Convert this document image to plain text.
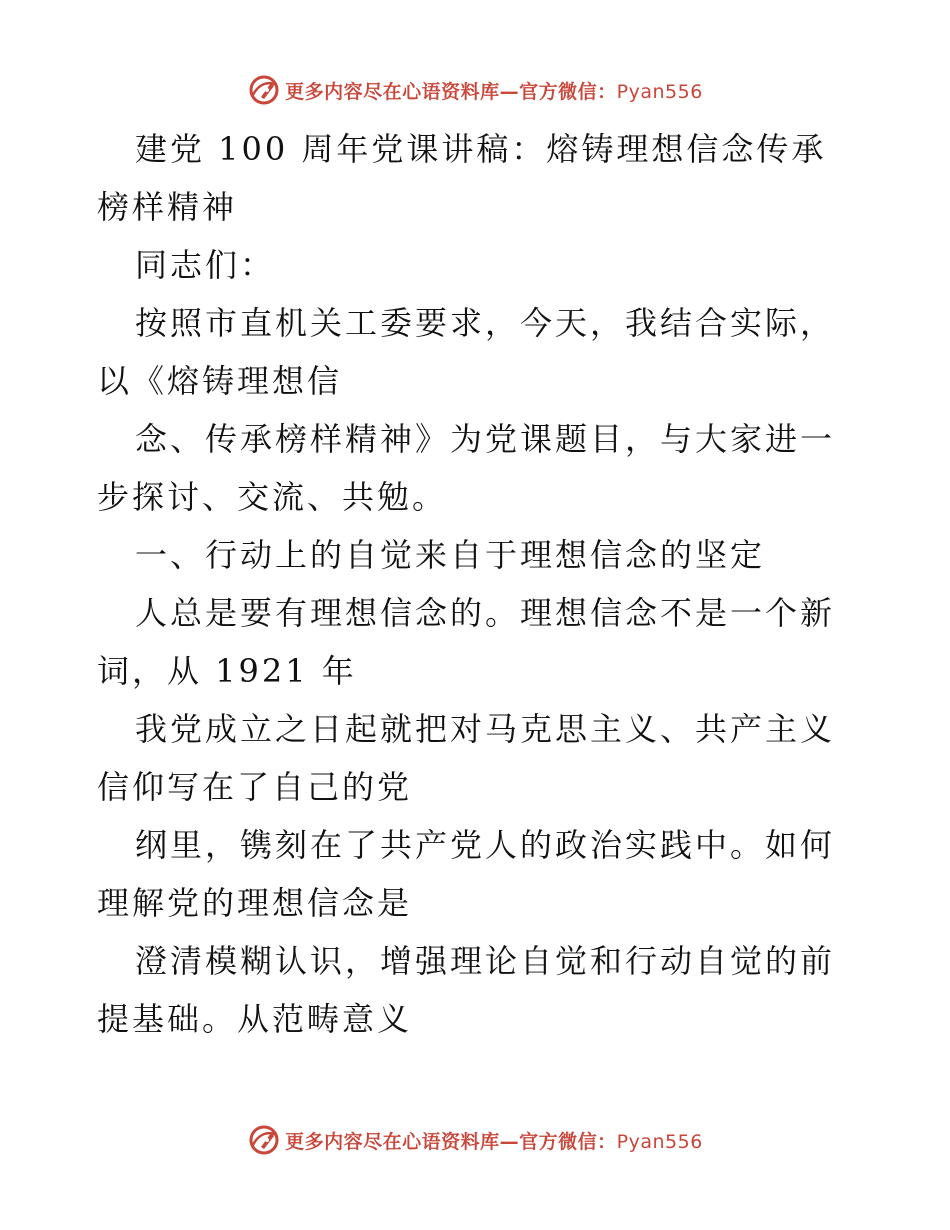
更多内容尽在心语资料库—官方微信：Pyan556

建党 100 周年党课讲稿：熔铸理想信念传承榜样精神

同志们：

按照市直机关工委要求，今天，我结合实际，以《熔铸理想信

念、传承榜样精神》为党课题目，与大家进一步探讨、交流、共勉。

一、行动上的自觉来自于理想信念的坚定

人总是要有理想信念的。理想信念不是一个新词，从 1921 年

我党成立之日起就把对马克思主义、共产主义信仰写在了自己的党

纲里，镌刻在了共产党人的政治实践中。如何理解党的理想信念是

澄清模糊认识，增强理论自觉和行动自觉的前提基础。从范畴意义

更多内容尽在心语资料库—官方微信：Pyan556
